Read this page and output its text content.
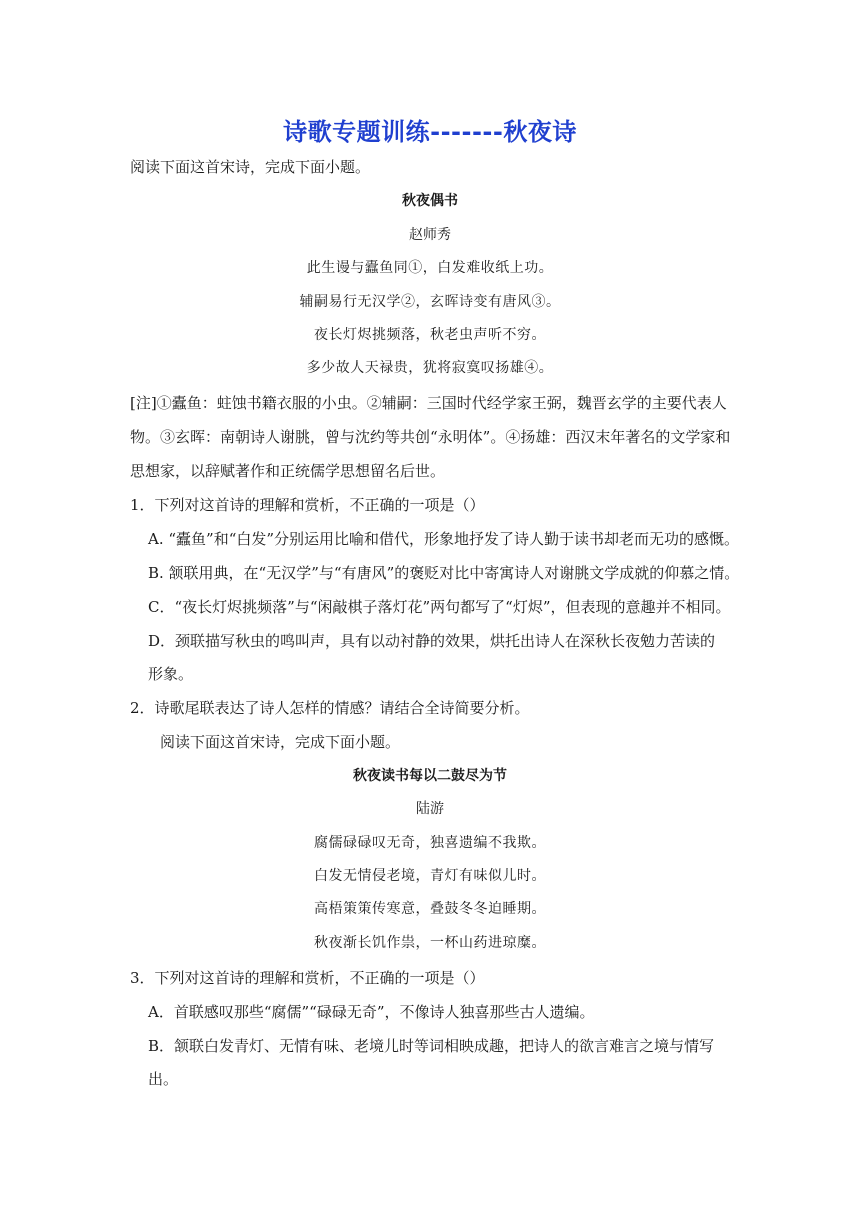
诗歌专题训练-------秋夜诗
阅读下面这首宋诗，完成下面小题。
秋夜偶书
赵师秀
此生谩与蠹鱼同①，白发难收纸上功。
辅嗣易行无汉学②，玄晖诗变有唐风③。
夜长灯烬挑频落，秋老虫声听不穷。
多少故人天禄贵，犹将寂寞叹扬雄④。
[注]①蠹鱼：蛀蚀书籍衣服的小虫。②辅嗣：三国时代经学家王弼，魏晋玄学的主要代表人
物。③玄晖：南朝诗人谢朓，曾与沈约等共创“永明体”。④扬雄：西汉末年著名的文学家和
思想家，以辞赋著作和正统儒学思想留名后世。
1．下列对这首诗的理解和赏析，不正确的一项是（）
A. “蠹鱼”和“白发”分别运用比喻和借代，形象地抒发了诗人勤于读书却老而无功的感慨。
B. 颔联用典，在“无汉学”与“有唐风”的褒贬对比中寄寓诗人对谢朓文学成就的仰慕之情。
C．“夜长灯烬挑频落”与“闲敲棋子落灯花”两句都写了“灯烬”，但表现的意趣并不相同。
D．颈联描写秋虫的鸣叫声，具有以动衬静的效果，烘托出诗人在深秋长夜勉力苦读的
形象。
2．诗歌尾联表达了诗人怎样的情感？请结合全诗简要分析。
阅读下面这首宋诗，完成下面小题。
秋夜读书每以二鼓尽为节
陆游
腐儒碌碌叹无奇，独喜遗编不我欺。
白发无情侵老境，青灯有味似儿时。
高梧策策传寒意，叠鼓冬冬迫睡期。
秋夜渐长饥作祟，一杯山药进琼糜。
3．下列对这首诗的理解和赏析，不正确的一项是（）
A．首联感叹那些“腐儒”“碌碌无奇”，不像诗人独喜那些古人遗编。
B．颔联白发青灯、无情有味、老境儿时等词相映成趣，把诗人的欲言难言之境与情写
出。
